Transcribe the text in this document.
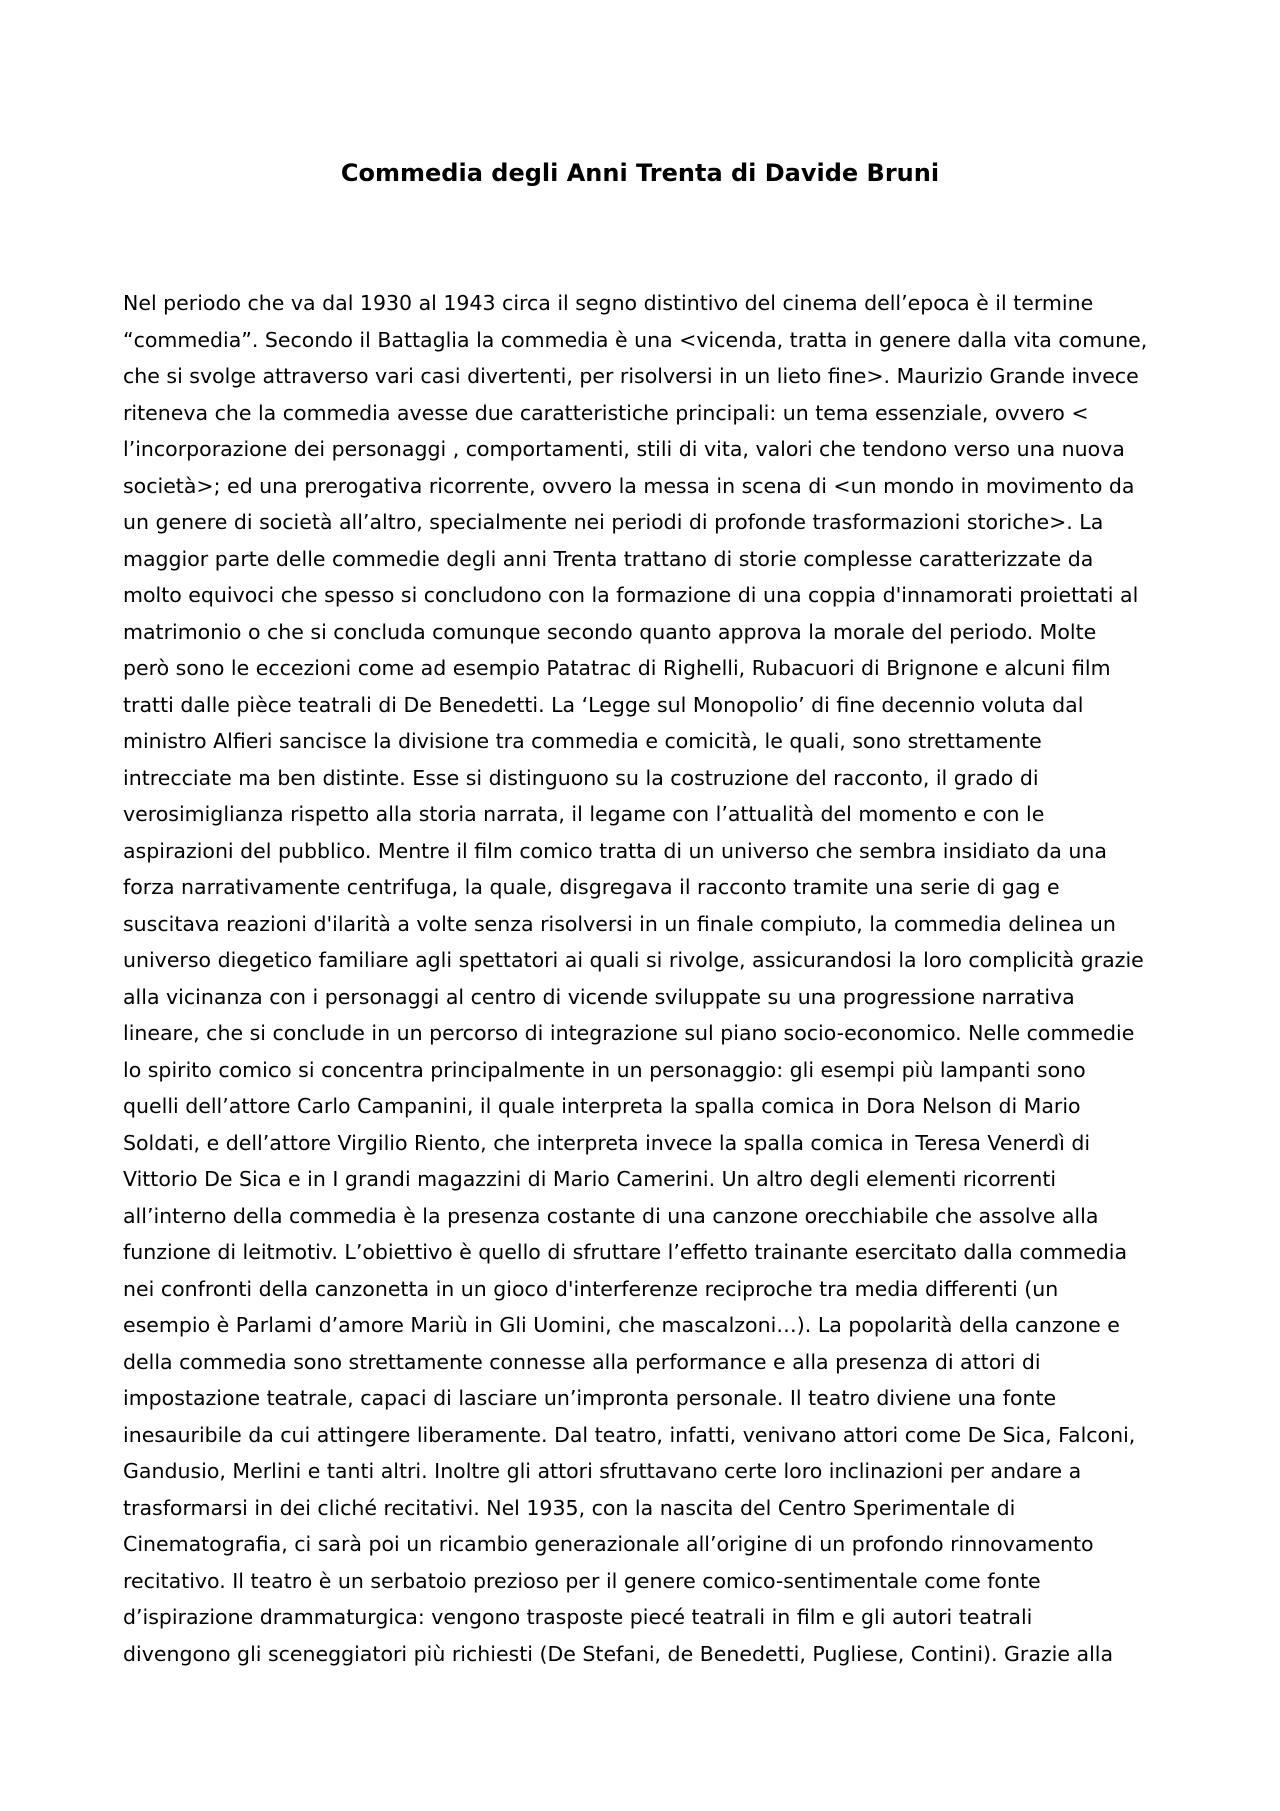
Commedia degli Anni Trenta di Davide Bruni
Nel periodo che va dal 1930 al 1943 circa il segno distintivo del cinema dell’epoca è il termine
“commedia”. Secondo il Battaglia la commedia è una <vicenda, tratta in genere dalla vita comune,
che si svolge attraverso vari casi divertenti, per risolversi in un lieto fine>. Maurizio Grande invece
riteneva che la commedia avesse due caratteristiche principali: un tema essenziale, ovvero <
l’incorporazione dei personaggi , comportamenti, stili di vita, valori che tendono verso una nuova
società>; ed una prerogativa ricorrente, ovvero la messa in scena di <un mondo in movimento da
un genere di società all’altro, specialmente nei periodi di profonde trasformazioni storiche>. La
maggior parte delle commedie degli anni Trenta trattano di storie complesse caratterizzate da
molto equivoci che spesso si concludono con la formazione di una coppia d'innamorati proiettati al
matrimonio o che si concluda comunque secondo quanto approva la morale del periodo. Molte
però sono le eccezioni come ad esempio Patatrac di Righelli, Rubacuori di Brignone e alcuni film
tratti dalle pièce teatrali di De Benedetti. La ‘Legge sul Monopolio’ di fine decennio voluta dal
ministro Alfieri sancisce la divisione tra commedia e comicità, le quali, sono strettamente
intrecciate ma ben distinte. Esse si distinguono su la costruzione del racconto, il grado di
verosimiglianza rispetto alla storia narrata, il legame con l’attualità del momento e con le
aspirazioni del pubblico. Mentre il film comico tratta di un universo che sembra insidiato da una
forza narrativamente centrifuga, la quale, disgregava il racconto tramite una serie di gag e
suscitava reazioni d'ilarità a volte senza risolversi in un finale compiuto, la commedia delinea un
universo diegetico familiare agli spettatori ai quali si rivolge, assicurandosi la loro complicità grazie
alla vicinanza con i personaggi al centro di vicende sviluppate su una progressione narrativa
lineare, che si conclude in un percorso di integrazione sul piano socio-economico. Nelle commedie
lo spirito comico si concentra principalmente in un personaggio: gli esempi più lampanti sono
quelli dell’attore Carlo Campanini, il quale interpreta la spalla comica in Dora Nelson di Mario
Soldati, e dell’attore Virgilio Riento, che interpreta invece la spalla comica in Teresa Venerdì di
Vittorio De Sica e in I grandi magazzini di Mario Camerini. Un altro degli elementi ricorrenti
all’interno della commedia è la presenza costante di una canzone orecchiabile che assolve alla
funzione di leitmotiv. L’obiettivo è quello di sfruttare l’effetto trainante esercitato dalla commedia
nei confronti della canzonetta in un gioco d'interferenze reciproche tra media differenti (un
esempio è Parlami d’amore Mariù in Gli Uomini, che mascalzoni…). La popolarità della canzone e
della commedia sono strettamente connesse alla performance e alla presenza di attori di
impostazione teatrale, capaci di lasciare un’impronta personale. Il teatro diviene una fonte
inesauribile da cui attingere liberamente. Dal teatro, infatti, venivano attori come De Sica, Falconi,
Gandusio, Merlini e tanti altri. Inoltre gli attori sfruttavano certe loro inclinazioni per andare a
trasformarsi in dei cliché recitativi. Nel 1935, con la nascita del Centro Sperimentale di
Cinematografia, ci sarà poi un ricambio generazionale all’origine di un profondo rinnovamento
recitativo. Il teatro è un serbatoio prezioso per il genere comico-sentimentale come fonte
d’ispirazione drammaturgica: vengono trasposte piecé teatrali in film e gli autori teatrali
divengono gli sceneggiatori più richiesti (De Stefani, de Benedetti, Pugliese, Contini). Grazie alla
